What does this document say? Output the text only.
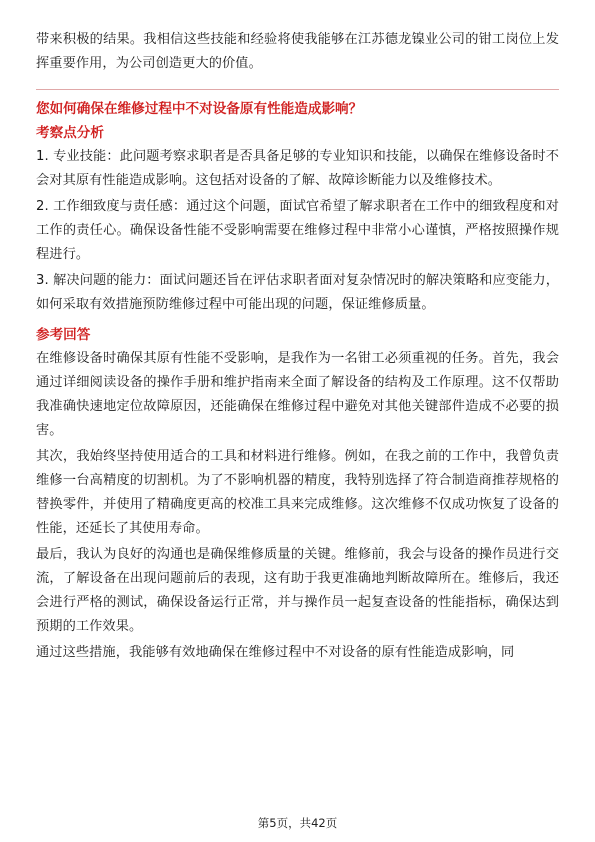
带来积极的结果。我相信这些技能和经验将使我能够在江苏德龙镍业公司的钳工岗位上发挥重要作用，为公司创造更大的价值。

您如何确保在维修过程中不对设备原有性能造成影响？

考察点分析

1. 专业技能：此问题考察求职者是否具备足够的专业知识和技能，以确保在维修设备时不会对其原有性能造成影响。这包括对设备的了解、故障诊断能力以及维修技术。

2. 工作细致度与责任感：通过这个问题，面试官希望了解求职者在工作中的细致程度和对工作的责任心。确保设备性能不受影响需要在维修过程中非常小心谨慎，严格按照操作规程进行。

3. 解决问题的能力：面试问题还旨在评估求职者面对复杂情况时的解决策略和应变能力，如何采取有效措施预防维修过程中可能出现的问题，保证维修质量。

参考回答

在维修设备时确保其原有性能不受影响，是我作为一名钳工必须重视的任务。首先，我会通过详细阅读设备的操作手册和维护指南来全面了解设备的结构及工作原理。这不仅帮助我准确快速地定位故障原因，还能确保在维修过程中避免对其他关键部件造成不必要的损害。

其次，我始终坚持使用适合的工具和材料进行维修。例如，在我之前的工作中，我曾负责维修一台高精度的切割机。为了不影响机器的精度，我特别选择了符合制造商推荐规格的替换零件，并使用了精确度更高的校准工具来完成维修。这次维修不仅成功恢复了设备的性能，还延长了其使用寿命。

最后，我认为良好的沟通也是确保维修质量的关键。维修前，我会与设备的操作员进行交流，了解设备在出现问题前后的表现，这有助于我更准确地判断故障所在。维修后，我还会进行严格的测试，确保设备运行正常，并与操作员一起复查设备的性能指标，确保达到预期的工作效果。

通过这些措施，我能够有效地确保在维修过程中不对设备的原有性能造成影响，同

第5页，共42页
